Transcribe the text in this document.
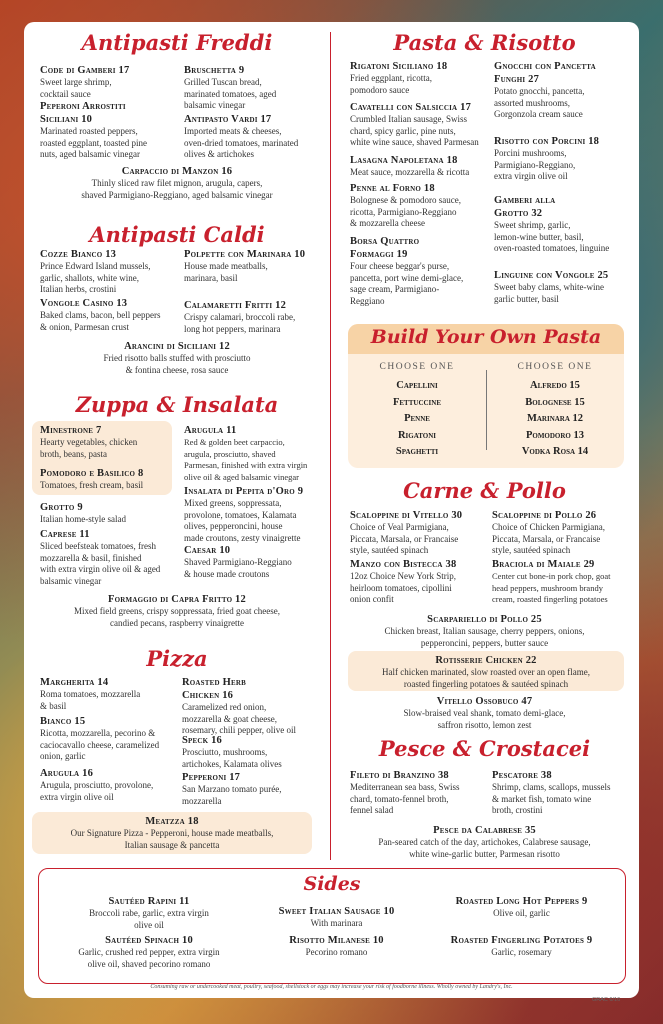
Antipasti Freddi
Code di Gamberi 17
Sweet large shrimp,
cocktail sauce
Peperoni Arrostiti
Siciliani 10
Marinated roasted peppers,
roasted eggplant, toasted pine
nuts, aged balsamic vinegar
Bruschetta 9
Grilled Tuscan bread,
marinated tomatoes, aged
balsamic vinegar
Antipasto Vardi 17
Imported meats & cheeses,
oven-dried tomatoes, marinated
olives & artichokes
Carpaccio di Manzon 16
Thinly sliced raw filet mignon, arugula, capers,
shaved Parmigiano-Reggiano, aged balsamic vinegar
Antipasti Caldi
Cozze Bianco 13
Prince Edward Island mussels,
garlic, shallots, white wine,
Italian herbs, crostini
Vongole Casino 13
Baked clams, bacon, bell peppers
& onion, Parmesan crust
Polpette con Marinara 10
House made meatballs,
marinara, basil
Calamaretti Fritti 12
Crispy calamari, broccoli rabe,
long hot peppers, marinara
Arancini di Siciliani 12
Fried risotto balls stuffed with prosciutto
& fontina cheese, rosa sauce
Zuppa & Insalata
Minestrone 7
Hearty vegetables, chicken
broth, beans, pasta
Pomodoro e Basilico 8
Tomatoes, fresh cream, basil
Grotto 9
Italian home-style salad
Caprese 11
Sliced beefsteak tomatoes, fresh
mozzarella & basil, finished
with extra virgin olive oil & aged
balsamic vinegar
Arugula 11
Red & golden beet carpaccio,
arugula, prosciutto, shaved
Parmesan, finished with extra virgin
olive oil & aged balsamic vinegar
Insalata di Pepita d'Oro 9
Mixed greens, soppressata,
provolone, tomatoes, Kalamata
olives, pepperoncini, house
made croutons, zesty vinaigrette
Caesar 10
Shaved Parmigiano-Reggiano
& house made croutons
Formaggio di Capra Fritto 12
Mixed field greens, crispy soppressata, fried goat cheese,
candied pecans, raspberry vinaigrette
Pizza
Margherita 14
Roma tomatoes, mozzarella
& basil
Bianco 15
Ricotta, mozzarella, pecorino &
caciocavallo cheese, caramelized
onion, garlic
Arugula 16
Arugula, prosciutto, provolone,
extra virgin olive oil
Roasted Herb
Chicken 16
Caramelized red onion,
mozzarella & goat cheese,
rosemary, chili pepper, olive oil
Speck 16
Prosciutto, mushrooms,
artichokes, Kalamata olives
Pepperoni 17
San Marzano tomato purée,
mozzarella
Meatzza 18
Our Signature Pizza - Pepperoni, house made meatballs,
Italian sausage & pancetta
Pasta & Risotto
Rigatoni Siciliano 18
Fried eggplant, ricotta,
pomodoro sauce
Cavatelli con Salsiccia 17
Crumbled Italian sausage, Swiss
chard, spicy garlic, pine nuts,
white wine sauce, shaved Parmesan
Lasagna Napoletana 18
Meat sauce, mozzarella & ricotta
Penne al Forno 18
Bolognese & pomodoro sauce,
ricotta, Parmigiano-Reggiano
& mozzarella cheese
Borsa Quattro
Formaggi 19
Four cheese beggar's purse,
pancetta, port wine demi-glace,
sage cream, Parmigiano-
Reggiano
Gnocchi con Pancetta
Funghi 27
Potato gnocchi, pancetta,
assorted mushrooms,
Gorgonzola cream sauce
Risotto con Porcini 18
Porcini mushrooms,
Parmigiano-Reggiano,
extra virgin olive oil
Gamberi alla
Grotto 32
Sweet shrimp, garlic,
lemon-wine butter, basil,
oven-roasted tomatoes, linguine
Linguine con Vongole 25
Sweet baby clams, white-wine
garlic butter, basil
Build Your Own Pasta
CHOOSE ONE	CHOOSE ONE
Capellini
Fettuccine
Penne
Rigatoni
Spaghetti
Alfredo 15
Bolognese 15
Marinara 12
Pomodoro 13
Vodka Rosa 14
Carne & Pollo
Scaloppine di Vitello 30
Choice of Veal Parmigiana,
Piccata, Marsala, or Francaise
style, sautéed spinach
Manzo con Bistecca 38
12oz Choice New York Strip,
heirloom tomatoes, cipollini
onion confit
Scaloppine di Pollo 26
Choice of Chicken Parmigiana,
Piccata, Marsala, or Francaise
style, sautéed spinach
Braciola di Maiale 29
Center cut bone-in pork chop, goat
head peppers, mushroom brandy
cream, roasted fingerling potatoes
Scarpariello di Pollo 25
Chicken breast, Italian sausage, cherry peppers, onions,
pepperoncini, peppers, butter sauce
Rotisserie Chicken 22
Half chicken marinated, slow roasted over an open flame,
roasted fingerling potatoes & sautéed spinach
Vitello Ossobuco 47
Slow-braised veal shank, tomato demi-glace,
saffron risotto, lemon zest
Pesce & Crostacei
Fileto di Branzino 38
Mediterranean sea bass, Swiss
chard, tomato-fennel broth,
fennel salad
Pescatore 38
Shrimp, clams, scallops, mussels
& market fish, tomato wine
broth, crostini
Pesce da Calabrese 35
Pan-seared catch of the day, artichokes, Calabrese sausage,
white wine-garlic butter, Parmesan risotto
Sides
Sautéed Rapini 11
Broccoli rabe, garlic, extra virgin
olive oil
Sautéed Spinach 10
Garlic, crushed red pepper, extra virgin
olive oil, shaved pecorino romano
Sweet Italian Sausage 10
With marinara
Risotto Milanese 10
Pecorino romano
Roasted Long Hot Peppers 9
Olive oil, garlic
Roasted Fingerling Potatoes 9
Garlic, rosemary
Consuming raw or undercooked meat, poultry, seafood, shellstock or eggs may increase your risk of foodborne illness. Wholly owned by Landry's, Inc.
GRAC 6/16
